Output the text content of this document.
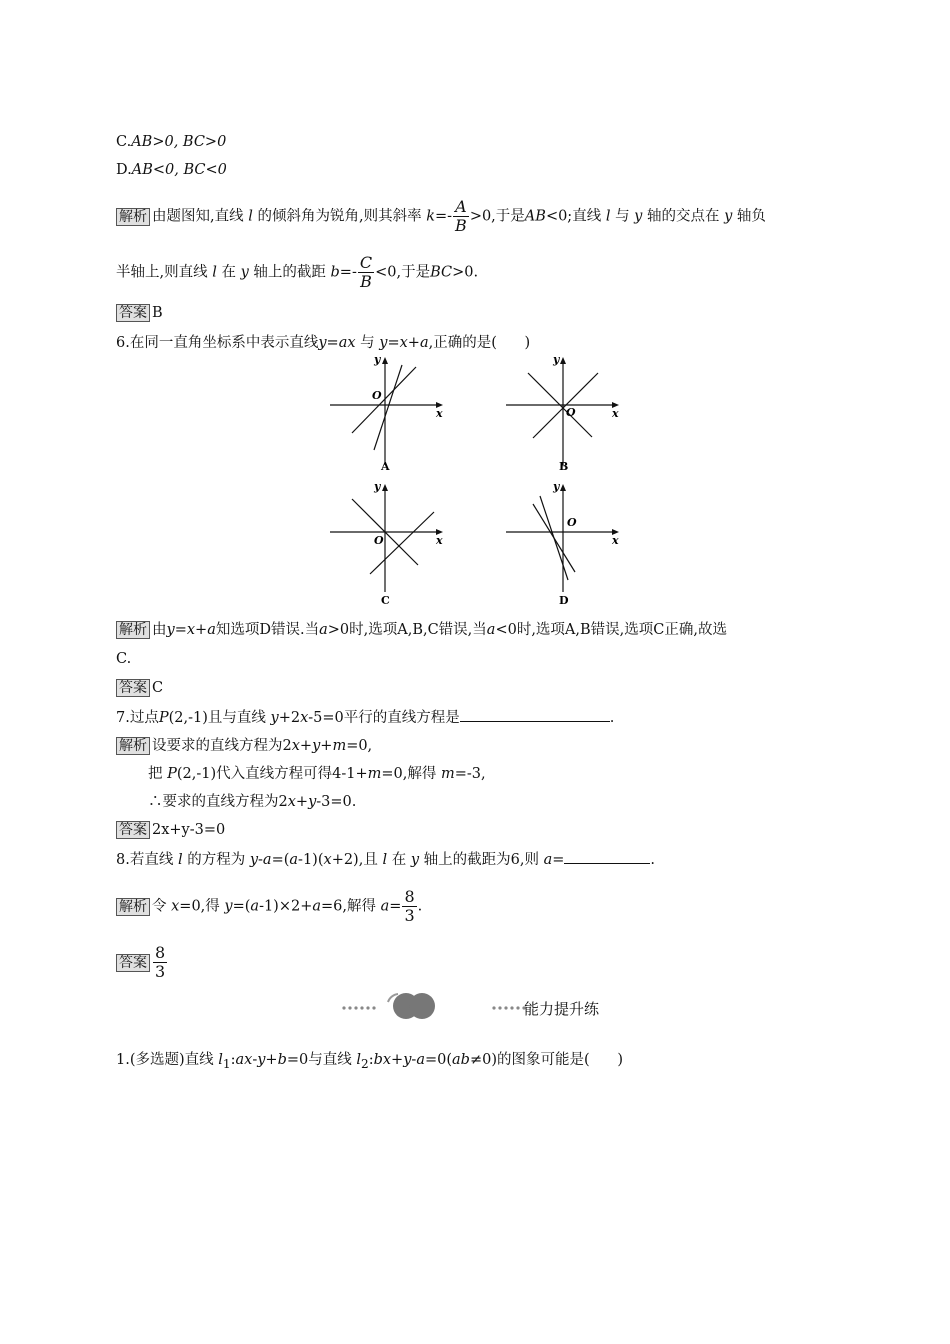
C.AB>0, BC>0
D.AB<0, BC<0
解析 由题图知,直线 l 的倾斜角为锐角,则其斜率 $k=- \frac{A}{B} >0$,于是AB<0;直线 l 与 y 轴的交点在 y 轴负
半轴上,则直线 l 在 y 轴上的截距 $b=- \frac{C}{B} <0$,于是BC>0.
答案 B
6.在同一直角坐标系中表示直线y=ax 与 y=x+a,正确的是( )
x
y
O
A
x
y
O
B
x
y
O
C
x
y
O
D
解析 由y=x+a知选项D错误.当a>0时,选项A,B,C错误,当a<0时,选项A,B错误,选项C正确,故选
C.
答案 C
7.过点P(2,-1)且与直线 y+2x-5=0平行的直线方程是	.
解析 设要求的直线方程为2x+y+m=0,
把 P(2,-1)代入直线方程可得4-1+m=0,解得 m=-3,
∴要求的直线方程为2x+y-3=0.
答案 2x+y-3=0
8.若直线 l 的方程为 y-a=(a-1)(x+2),且 l 在 y 轴上的截距为6,则 a=	.
解析 令 x=0,得 y=(a-1)×2+a=6,解得 $a= \frac{8}{3}$ .
答案 $\frac{8}{3}$
能力提升练
1.(多选题)直线 $l_1:ax-y+b=0$与直线 $l_2:bx+y-a=0(ab\ne 0)$的图象可能是( )
